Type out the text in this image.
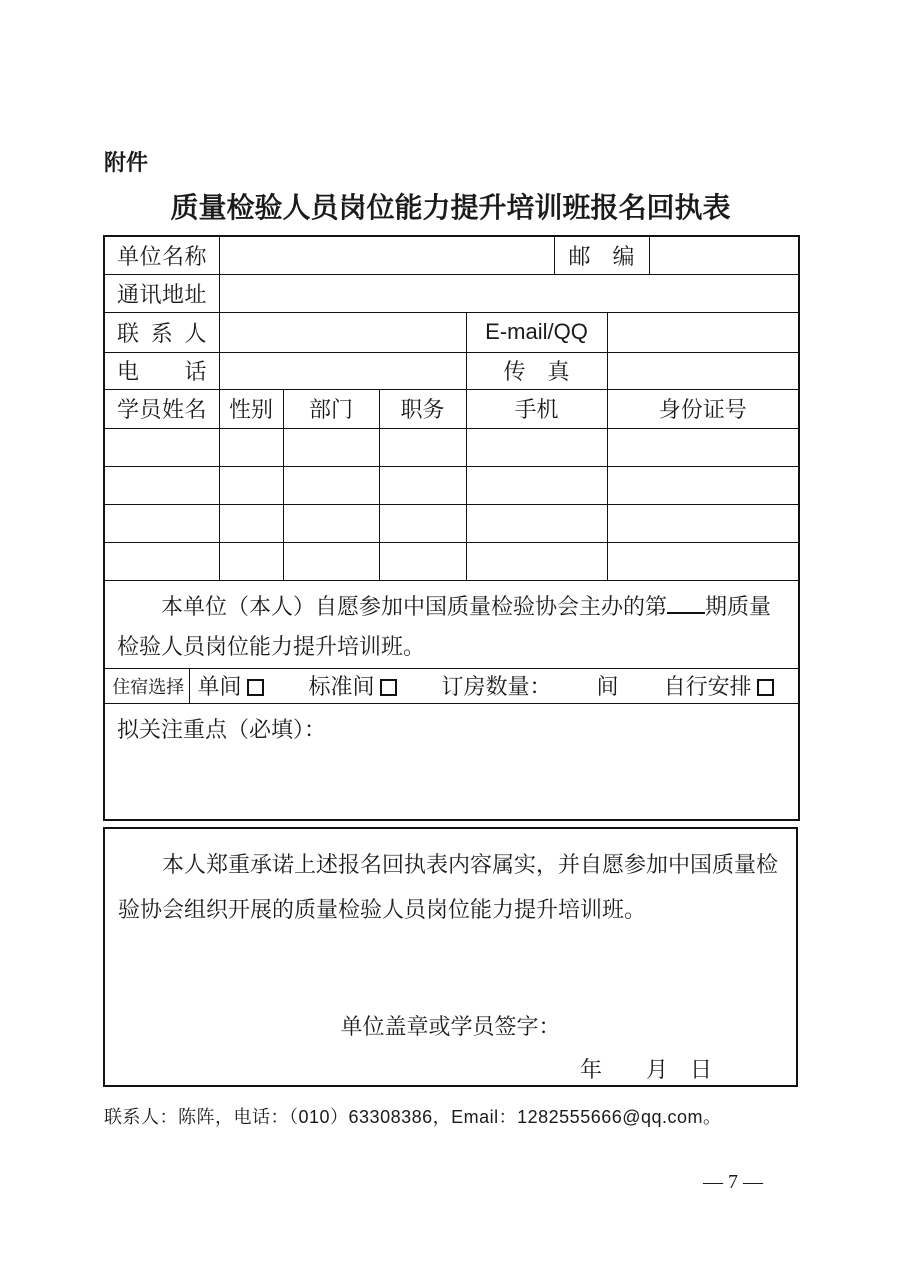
附件
质量检验人员岗位能力提升培训班报名回执表
单位名称						邮　编		
通讯地址								
联系人					E-mail/QQ			
电话					传　真			
学员姓名		性别	部门	职务	手机		身份证号	

本单位（本人）自愿参加中国质量检验协会主办的第 期质量

检验人员岗位能力提升培训班。								

住宿选择	单间 标准间 订房数量： 间 自行安排							

拟关注重点（必填）：								

本人郑重承诺上述报名回执表内容属实，并自愿参加中国质量检

验协会组织开展的质量检验人员岗位能力提升培训班。

单位盖章或学员签字：
年　　月　日
联系人：陈阵，电话：（010）63308386，Email：1282555666@qq.com。
— 7 —
